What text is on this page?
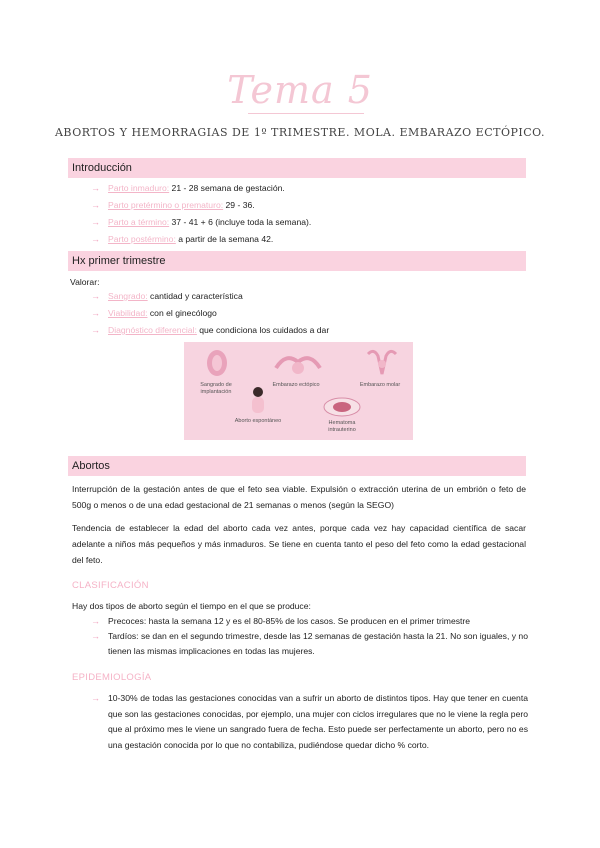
Tema 5
ABORTOS Y HEMORRAGIAS DE 1º TRIMESTRE. MOLA. EMBARAZO ECTÓPICO.
Introducción
→ Parto inmaduro: 21 - 28 semana de gestación.
→ Parto pretérmino o prematuro: 29 - 36.
→ Parto a término: 37 - 41 + 6 (incluye toda la semana).
→ Parto postérmino: a partir de la semana 42.
Hx primer trimestre
Valorar:
→ Sangrado: cantidad y característica
→ Viabilidad: con el ginecólogo
→ Diagnóstico diferencial: que condiciona los cuidados a dar
Sangrado de implantación
Embarazo ectópico	Embarazo molar
Aborto espontáneo	Hematoma intrauterino
Abortos
Interrupción de la gestación antes de que el feto sea viable. Expulsión o extracción uterina de un embrión o feto de 500g o menos o de una edad gestacional de 21 semanas o menos (según la SEGO)
Tendencia de establecer la edad del aborto cada vez antes, porque cada vez hay capacidad científica de sacar adelante a niños más pequeños y más inmaduros. Se tiene en cuenta tanto el peso del feto como la edad gestacional del feto.
CLASIFICACIÓN
Hay dos tipos de aborto según el tiempo en el que se produce:
→ Precoces: hasta la semana 12 y es el 80-85% de los casos. Se producen en el primer trimestre
→ Tardíos: se dan en el segundo trimestre, desde las 12 semanas de gestación hasta la 21. No son iguales, y no tienen las mismas implicaciones en todas las mujeres.
EPIDEMIOLOGÍA
→ 10-30% de todas las gestaciones conocidas van a sufrir un aborto de distintos tipos. Hay que tener en cuenta que son las gestaciones conocidas, por ejemplo, una mujer con ciclos irregulares que no le viene la regla pero que al próximo mes le viene un sangrado fuera de fecha. Esto puede ser perfectamente un aborto, pero no es una gestación conocida por lo que no contabiliza, pudiéndose quedar dicho % corto.
